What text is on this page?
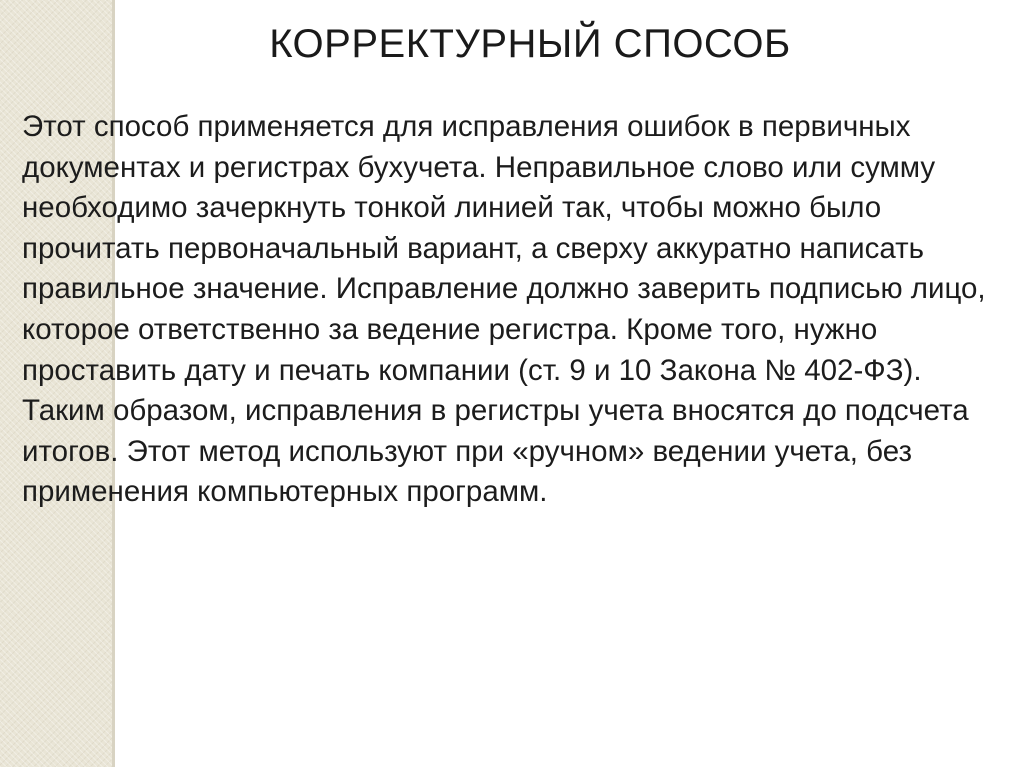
КОРРЕКТУРНЫЙ СПОСОБ

Этот способ применяется для исправления ошибок в первичных документах и регистрах бухучета. Неправильное слово или сумму необходимо зачеркнуть тонкой линией так, чтобы можно было прочитать первоначальный вариант, а сверху аккуратно написать правильное значение. Исправление должно заверить подписью лицо, которое ответственно за ведение регистра. Кроме того, нужно проставить дату и печать компании (ст. 9 и 10 Закона № 402-ФЗ). Таким образом, исправления в регистры учета вносятся до подсчета итогов. Этот метод используют при «ручном» ведении учета, без применения компьютерных программ.
